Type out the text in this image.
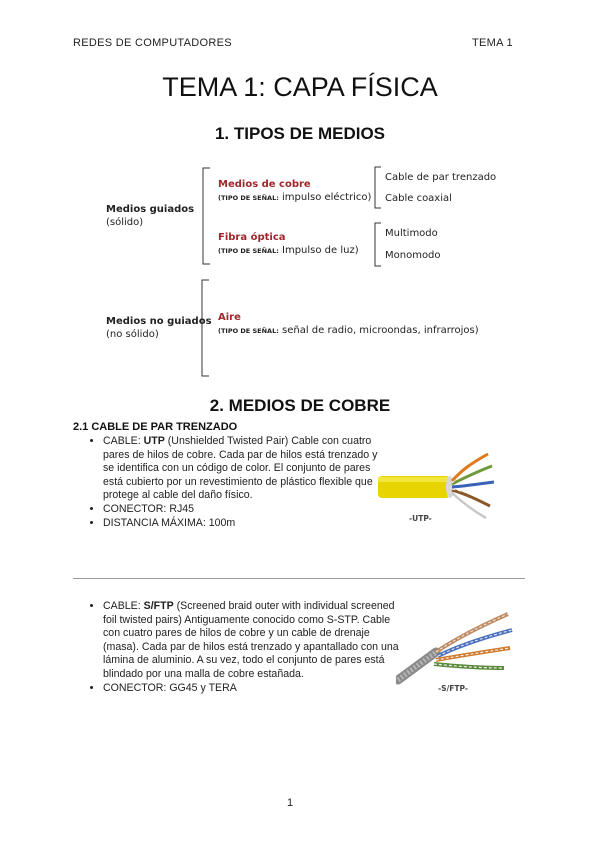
REDES DE COMPUTADORES	TEMA 1
TEMA 1: CAPA FÍSICA
1. TIPOS DE MEDIOS
Medios guiados
(sólido)
Medios de cobre
(TIPO DE SEÑAL: impulso eléctrico)
Cable de par trenzado
Cable coaxial
Fibra óptica
(TIPO DE SEÑAL: Impulso de luz)
Multimodo
Monomodo
Medios no guiados
(no sólido)
Aire
(TIPO DE SEÑAL: señal de radio, microondas, infrarrojos)
2. MEDIOS DE COBRE
2.1 CABLE DE PAR TRENZADO
• CABLE: UTP (Unshielded Twisted Pair) Cable con cuatro pares de hilos de cobre. Cada par de hilos está trenzado y se identifica con un código de color. El conjunto de pares está cubierto por un revestimiento de plástico flexible que protege al cable del daño físico.
• CONECTOR: RJ45
• DISTANCIA MÁXIMA: 100m	-UTP-
• CABLE: S/FTP (Screened braid outer with individual screened foil twisted pairs) Antiguamente conocido como S-STP. Cable con cuatro pares de hilos de cobre y un cable de drenaje (masa). Cada par de hilos está trenzado y apantallado con una lámina de aluminio. A su vez, todo el conjunto de pares está blindado por una malla de cobre estañada.
• CONECTOR: GG45 y TERA	-S/FTP-
1
